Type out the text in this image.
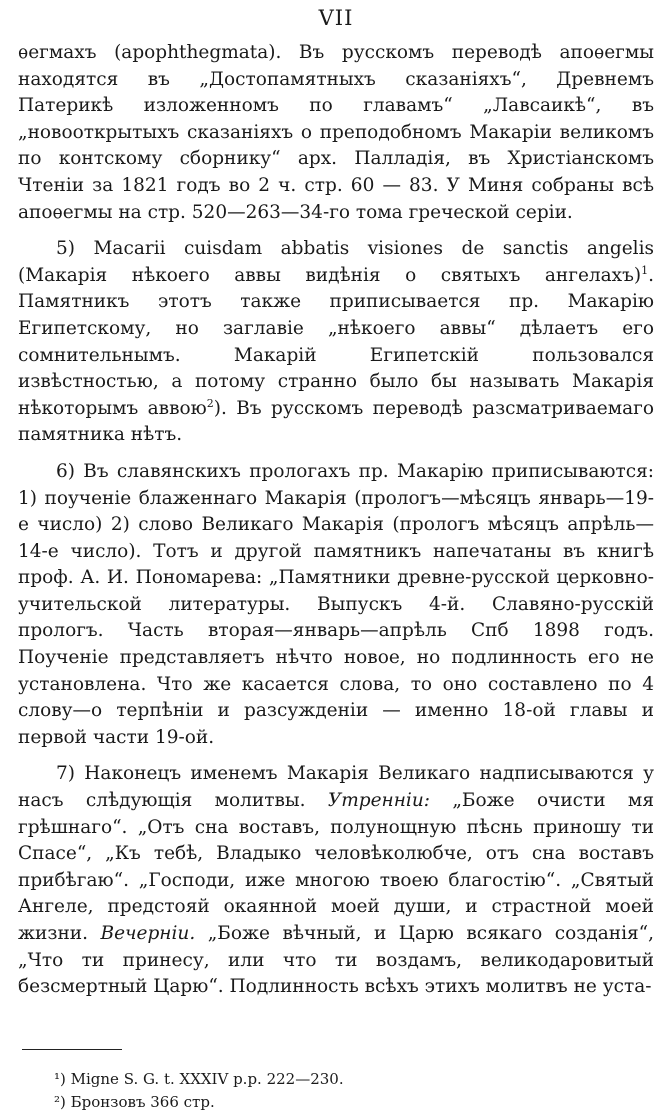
VII

ѳегмахъ (apophthegmata). Въ русскомъ переводѣ апоѳегмы находятся въ „Достопамятныхъ сказаніяхъ“, Древнемъ Патерикѣ изложенномъ по главамъ“ „Лавсаикѣ“, въ „новооткрытыхъ сказаніяхъ о преподобномъ Макаріи великомъ по контскому сборнику“ арх. Палладія, въ Христіанскомъ Чтеніи за 1821 годъ во 2 ч. стр. 60 — 83. У Миня собраны всѣ апоѳегмы на стр. 520—263—34-го тома греческой серіи.

5) Macarii cuisdam abbatis visiones de sanctis angelis (Макарія нѣкоего аввы видѣнія о святыхъ ангелахъ)$^1$. Памятникъ этотъ также приписывается пр. Макарію Египетскому, но заглавіе „нѣкоего аввы“ дѣлаетъ его сомнительнымъ. Макарій Египетскій пользовался извѣстностью, а потому странно было бы называть Макарія нѣкоторымъ аввою$^2$). Въ русскомъ переводѣ разсматриваемаго памятника нѣтъ.

6) Въ славянскихъ прологахъ пр. Макарію приписываются: 1) поученіе блаженнаго Макарія (прологъ—мѣсяцъ январь—19-е число) 2) слово Великаго Макарія (прологъ мѣсяцъ апрѣль—14-е число). Тотъ и другой памятникъ напечатаны въ книгѣ проф. А. И. Пономарева: „Памятники древне-русской церковно-учительской литературы. Выпускъ 4-й. Славяно-русскій прологъ. Часть вторая—январь—апрѣль Спб 1898 годъ. Поученіе представляетъ нѣчто новое, но подлинность его не установлена. Что же касается слова, то оно составлено по 4 слову—о терпѣніи и разсужденіи — именно 18-ой главы и первой части 19-ой.

7) Наконецъ именемъ Макарія Великаго надписываются у насъ слѣдующія молитвы. Утренніи: „Боже очисти мя грѣшнаго“. „Отъ сна воставъ, полунощную пѣснь приношу ти Спасе“, „Къ тебѣ, Владыко человѣколюбче, отъ сна воставъ прибѣгаю“. „Господи, иже многою твоею благостію“. „Святый Ангеле, предстояй окаянной моей души, и страстной моей жизни. Вечерніи. „Боже вѣчный, и Царю всякаго созданія“, „Что ти принесу, или что ти воздамъ, великодаровитый безсмертный Царю“. Подлинность всѣхъ этихъ молитвъ не уста-

¹) Migne S. G. t. XXXIV p.p. 222—230.
²) Бронзовъ 366 стр.
